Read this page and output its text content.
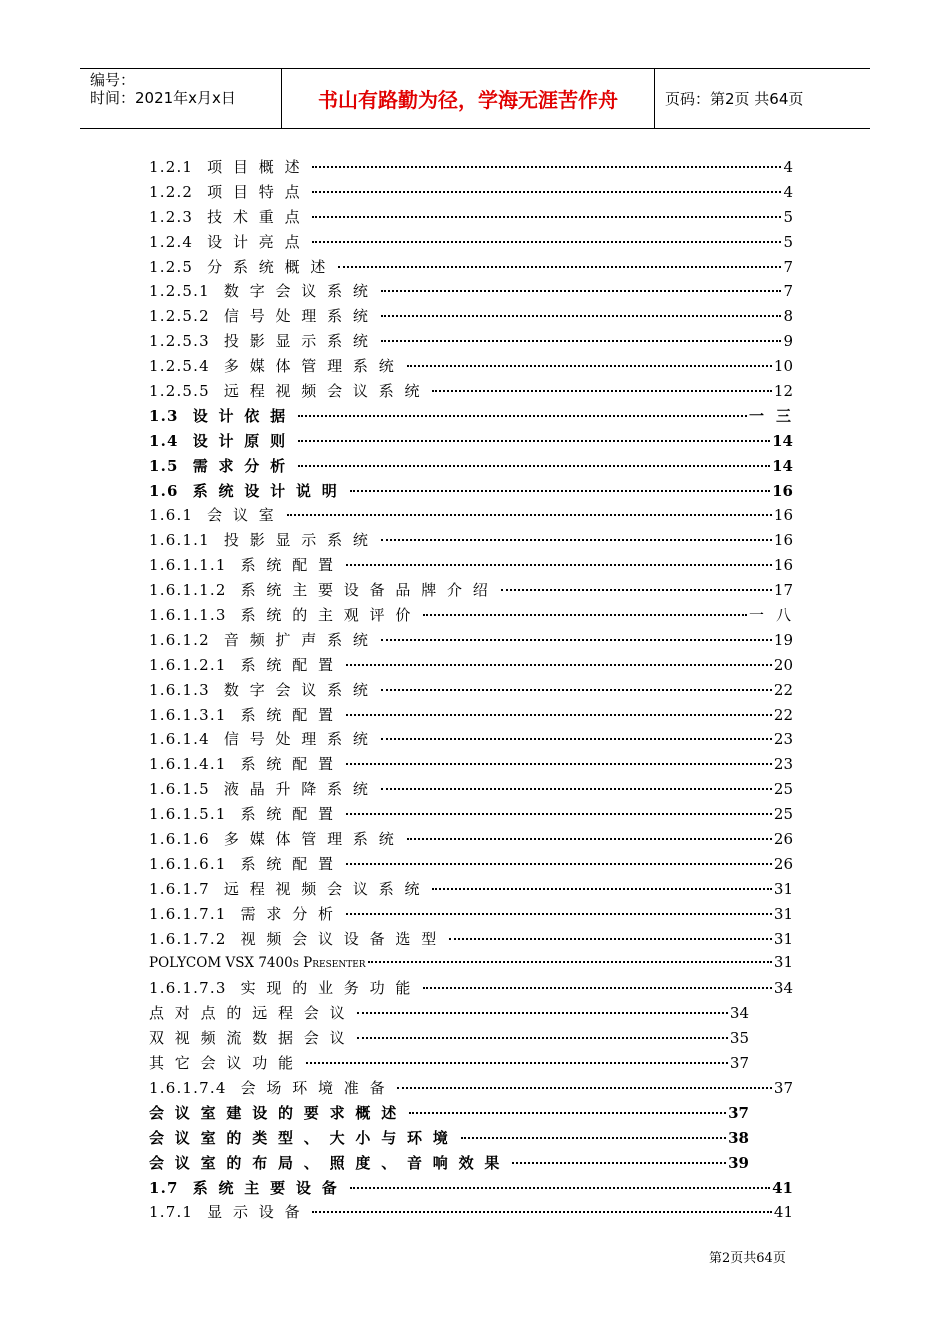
编号：
时间：2021年x月x日	书山有路勤为径，学海无涯苦作舟	页码：第2页 共64页
1.2.1 项目概述	4
1.2.2 项目特点	4
1.2.3 技术重点	5
1.2.4 设计亮点	5
1.2.5 分系统概述	7
1.2.5.1 数字会议系统	7
1.2.5.2 信号处理系统	8
1.2.5.3 投影显示系统	9
1.2.5.4 多媒体管理系统	10
1.2.5.5 远程视频会议系统	12
1.3 设计依据	一三
1.4 设计原则	14
1.5 需求分析	14
1.6 系统设计说明	16
1.6.1 会议室	16
1.6.1.1 投影显示系统	16
1.6.1.1.1 系统配置	16
1.6.1.1.2 系统主要设备品牌介绍	17
1.6.1.1.3 系统的主观评价	一八
1.6.1.2 音频扩声系统	19
1.6.1.2.1 系统配置	20
1.6.1.3 数字会议系统	22
1.6.1.3.1 系统配置	22
1.6.1.4 信号处理系统	23
1.6.1.4.1 系统配置	23
1.6.1.5 液晶升降系统	25
1.6.1.5.1 系统配置	25
1.6.1.6 多媒体管理系统	26
1.6.1.6.1 系统配置	26
1.6.1.7 远程视频会议系统	31
1.6.1.7.1 需求分析	31
1.6.1.7.2 视频会议设备选型	31
POLYCOM VSX 7400s Presenter	31
1.6.1.7.3 实现的业务功能	34
点对点的远程会议	34
双视频流数据会议	35
其它会议功能	37
1.6.1.7.4 会场环境准备	37
会议室建设的要求概述	37
会议室的类型、大小与环境	38
会议室的布局、照度、音响效果	39
1.7 系统主要设备	41
1.7.1 显示设备	41
第2页共64页
